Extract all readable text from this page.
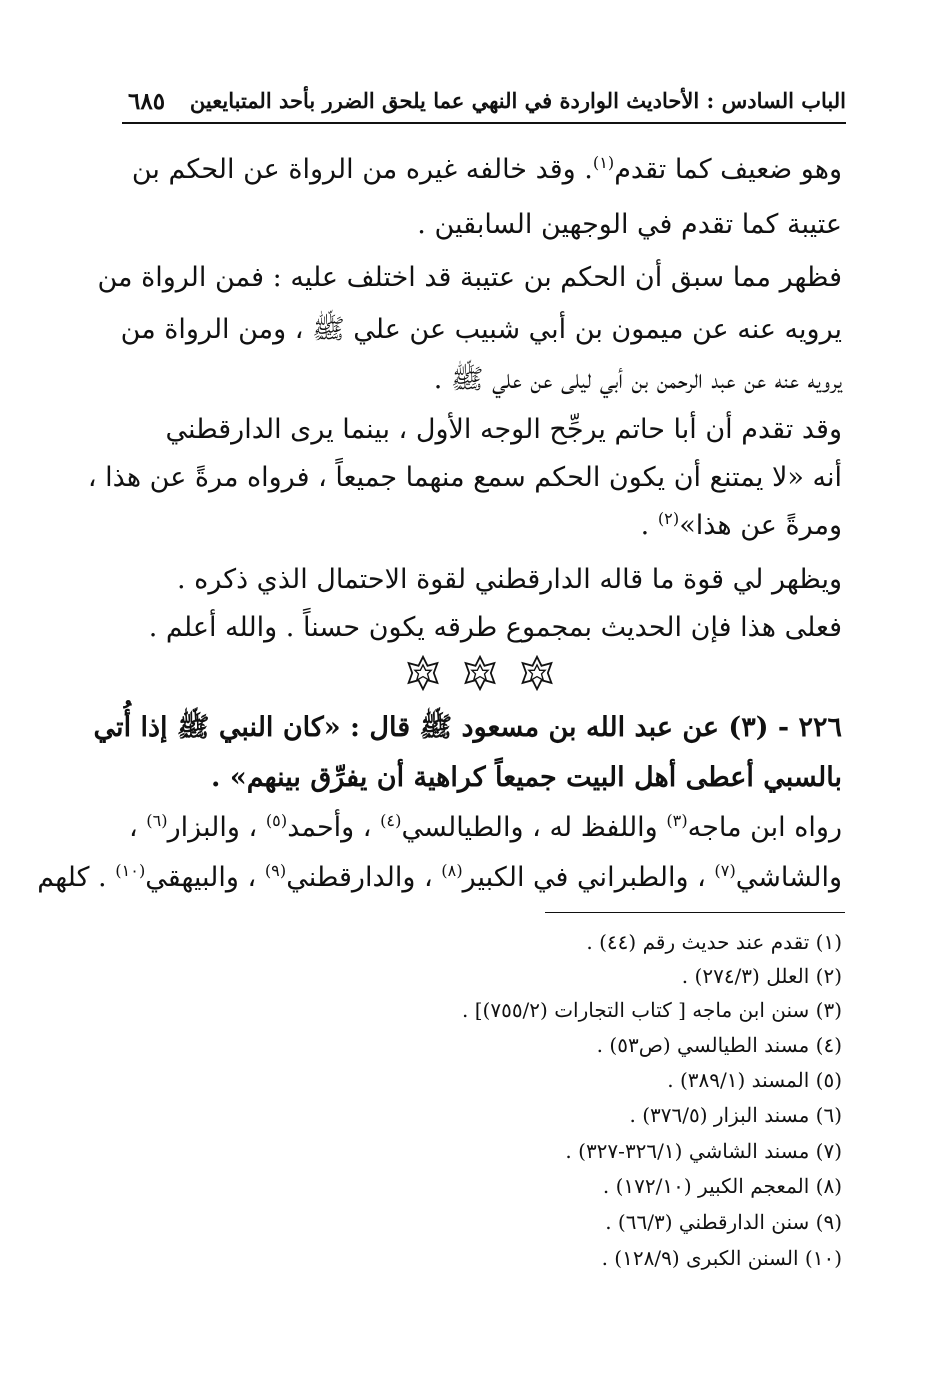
الباب السادس : الأحاديث الواردة في النهي عما يلحق الضرر بأحد المتبايعين
٦٨٥
وهو ضعيف كما تقدم$^{(١)}$. وقد خالفه غيره من الرواة عن الحكم بن
عتيبة كما تقدم في الوجهين السابقين .
فظهر مما سبق أن الحكم بن عتيبة قد اختلف عليه : فمن الرواة من
يرويه عنه عن ميمون بن أبي شبيب عن علي ﷺ ، ومن الرواة من
يرويه عنه عن عبد الرحمن بن أبي ليلى عن علي ﷺ .
وقد تقدم أن أبا حاتم يرجِّح الوجه الأول ، بينما يرى الدارقطني
أنه «لا يمتنع أن يكون الحكم سمع منهما جميعاً ، فرواه مرةً عن هذا ،
ومرةً عن هذا»$^{(٢)}$ .
ويظهر لي قوة ما قاله الدارقطني لقوة الاحتمال الذي ذكره .
فعلى هذا فإن الحديث بمجموع طرقه يكون حسناً . والله أعلم .
٢٢٦ - (٣) عن عبد الله بن مسعود ﷺ قال : «كان النبي ﷺ إذا أُتي
بالسبي أعطى أهل البيت جميعاً كراهية أن يفرِّق بينهم» .
رواه ابن ماجه$^{(٣)}$ واللفظ له ، والطيالسي$^{(٤)}$ ، وأحمد$^{(٥)}$ ، والبزار$^{(٦)}$ ،
والشاشي$^{(٧)}$ ، والطبراني في الكبير$^{(٨)}$ ، والدارقطني$^{(٩)}$ ، والبيهقي$^{(١٠)}$ . كلهم
(١) تقدم عند حديث رقم (٤٤) .
(٢) العلل (٢٧٤/٣) .
(٣) سنن ابن ماجه [ كتاب التجارات (٧٥٥/٢)] .
(٤) مسند الطيالسي (ص٥٣) .
(٥) المسند (٣٨٩/١) .
(٦) مسند البزار (٣٧٦/٥) .
(٧) مسند الشاشي (٣٢٦/١-٣٢٧) .
(٨) المعجم الكبير (١٧٢/١٠) .
(٩) سنن الدارقطني (٦٦/٣) .
(١٠) السنن الكبرى (١٢٨/٩) .
